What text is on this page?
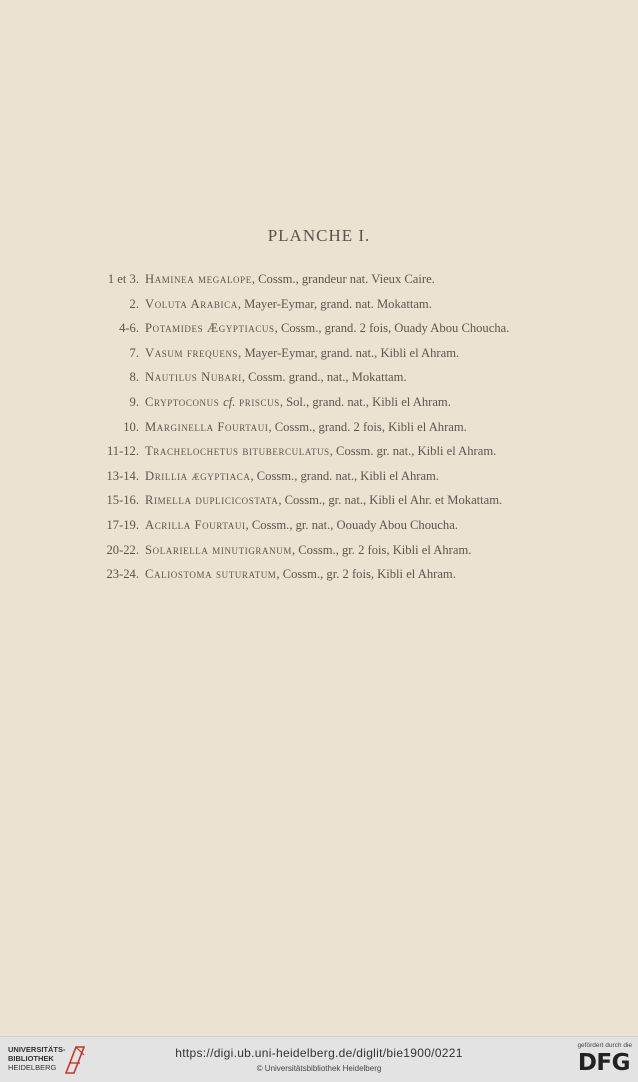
PLANCHE I.
1 et 3. Haminea megalope, Cossm., grandeur nat. Vieux Caire.
2. Voluta Arabica, Mayer-Eymar, grand. nat. Mokattam.
4-6. Potamides Ægyptiacus, Cossm., grand. 2 fois, Ouady Abou Choucha.
7. Vasum frequens, Mayer-Eymar, grand. nat., Kibli el Ahram.
8. Nautilus Nubari, Cossm. grand., nat., Mokattam.
9. Cryptoconus cf. priscus, Sol., grand. nat., Kibli el Ahram.
10. Marginella Fourtaui, Cossm., grand. 2 fois, Kibli el Ahram.
11-12. Trachelochetus bituberculatus, Cossm. gr. nat., Kibli el Ahram.
13-14. Drillia ægyptiaca, Cossm., grand. nat., Kibli el Ahram.
15-16. Rimella duplicicostata, Cossm., gr. nat., Kibli el Ahr. et Mokattam.
17-19. Acrilla Fourtaui, Cossm., gr. nat., Oouady Abou Choucha.
20-22. Solariella minutigranum, Cossm., gr. 2 fois, Kibli el Ahram.
23-24. Caliostoma suturatum, Cossm., gr. 2 fois, Kibli el Ahram.
UNIVERSITÄTS-
BIBLIOTHEK
HEIDELBERG
https://digi.ub.uni-heidelberg.de/diglit/bie1900/0221
© Universitätsbibliothek Heidelberg
gefördert durch die
DFG
